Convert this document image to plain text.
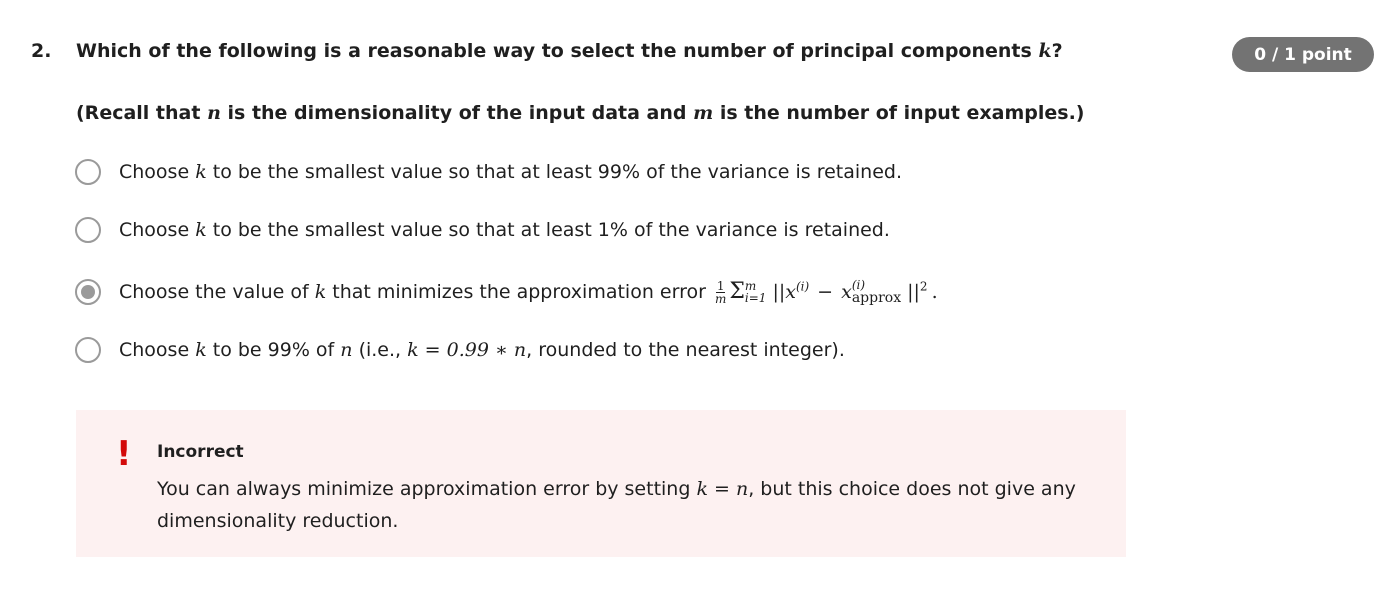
2. Which of the following is a reasonable way to select the number of principal components k?	0 / 1 point
(Recall that n is the dimensionality of the input data and m is the number of input examples.)
Choose k to be the smallest value so that at least 99% of the variance is retained.
Choose k to be the smallest value so that at least 1% of the variance is retained.
Choose the value of k that minimizes the approximation error $\frac{1}{m}$ Σ m
i=1 $||x^{(i)} - x$ (i)
approx $||^2$ .
Choose k to be 99% of n (i.e., k = 0.99 ∗ n, rounded to the nearest integer).
! Incorrect
You can always minimize approximation error by setting k = n, but this choice does not give any dimensionality reduction.
